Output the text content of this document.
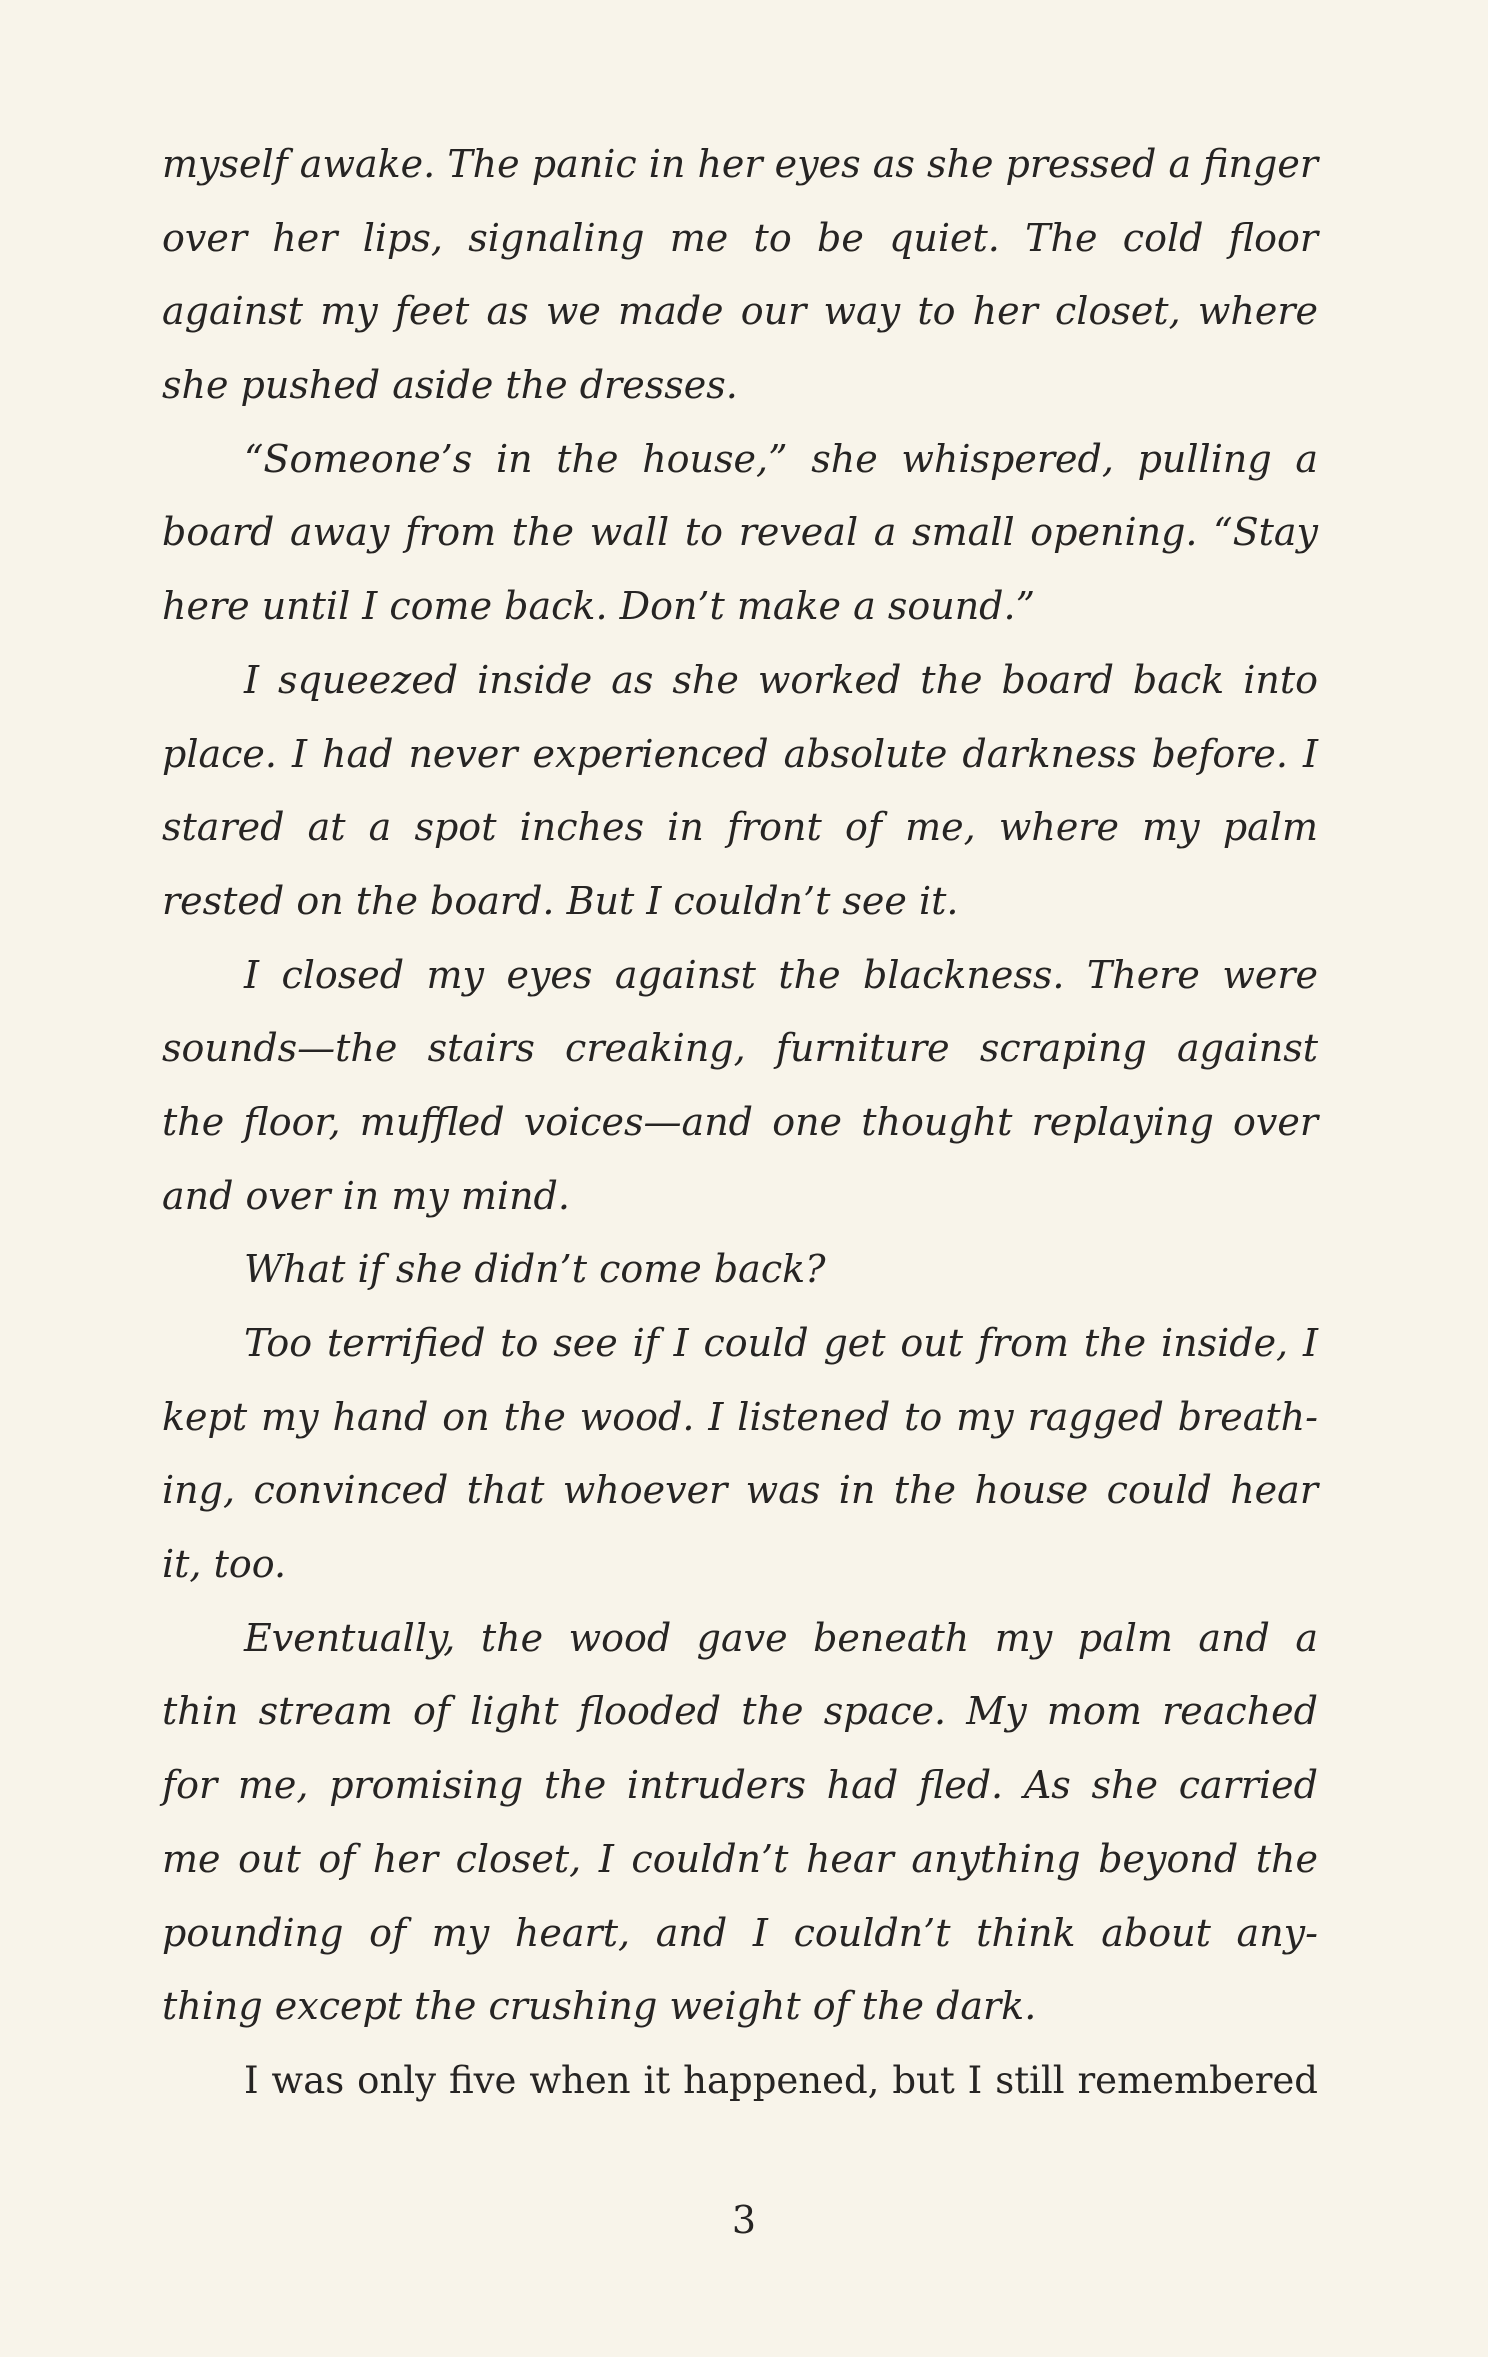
myself awake. The panic in her eyes as she pressed a finger
over her lips, signaling me to be quiet. The cold floor
against my feet as we made our way to her closet, where
she pushed aside the dresses.
“Someone’s in the house,” she whispered, pulling a
board away from the wall to reveal a small opening. “Stay
here until I come back. Don’t make a sound.”
I squeezed inside as she worked the board back into
place. I had never experienced absolute darkness before. I
stared at a spot inches in front of me, where my palm
rested on the board. But I couldn’t see it.
I closed my eyes against the blackness. There were
sounds—the stairs creaking, furniture scraping against
the floor, muffled voices—and one thought replaying over
and over in my mind.
What if she didn’t come back?
Too terrified to see if I could get out from the inside, I
kept my hand on the wood. I listened to my ragged breath-
ing, convinced that whoever was in the house could hear
it, too.
Eventually, the wood gave beneath my palm and a
thin stream of light flooded the space. My mom reached
for me, promising the intruders had fled. As she carried
me out of her closet, I couldn’t hear anything beyond the
pounding of my heart, and I couldn’t think about any-
thing except the crushing weight of the dark.
I was only five when it happened, but I still remembered
3
